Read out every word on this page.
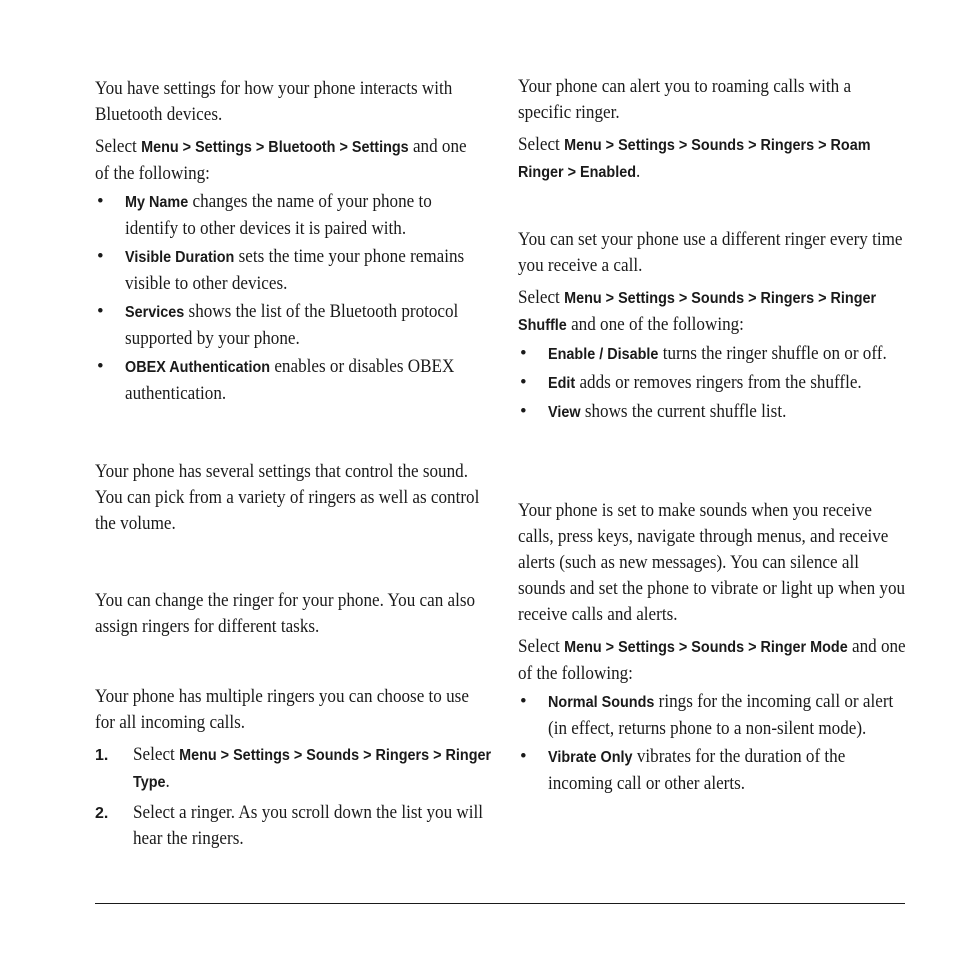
You have settings for how your phone interacts with Bluetooth devices.

Select Menu > Settings > Bluetooth > Settings and one of the following:

• My Name changes the name of your phone to identify to other devices it is paired with.

• Visible Duration sets the time your phone remains visible to other devices.

• Services shows the list of the Bluetooth protocol supported by your phone.

• OBEX Authentication enables or disables OBEX authentication.

Your phone has several settings that control the sound. You can pick from a variety of ringers as well as control the volume.

You can change the ringer for your phone. You can also assign ringers for different tasks.

Your phone has multiple ringers you can choose to use for all incoming calls.

1. Select Menu > Settings > Sounds > Ringers > Ringer Type.

2. Select a ringer. As you scroll down the list you will hear the ringers.

Your phone can alert you to roaming calls with a specific ringer.

Select Menu > Settings > Sounds > Ringers > Roam Ringer > Enabled.

You can set your phone use a different ringer every time you receive a call.

Select Menu > Settings > Sounds > Ringers > Ringer Shuffle and one of the following:

• Enable / Disable turns the ringer shuffle on or off.

• Edit adds or removes ringers from the shuffle.

• View shows the current shuffle list.

Your phone is set to make sounds when you receive calls, press keys, navigate through menus, and receive alerts (such as new messages). You can silence all sounds and set the phone to vibrate or light up when you receive calls and alerts.

Select Menu > Settings > Sounds > Ringer Mode and one of the following:

• Normal Sounds rings for the incoming call or alert (in effect, returns phone to a non-silent mode).

• Vibrate Only vibrates for the duration of the incoming call or other alerts.
